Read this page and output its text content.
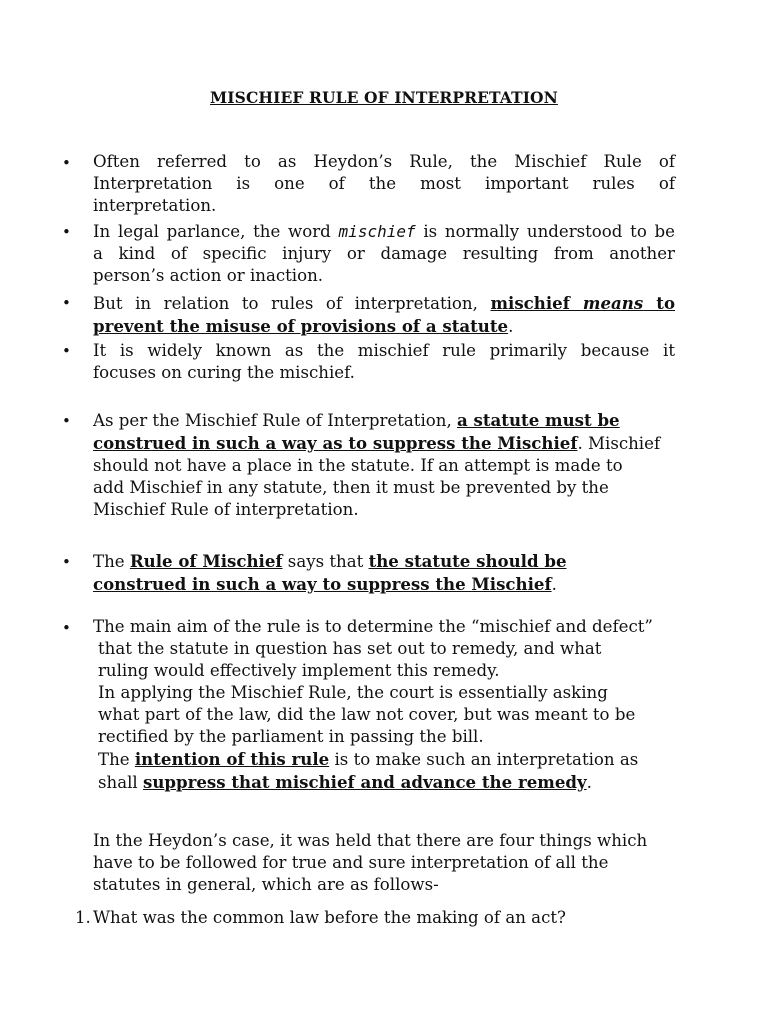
MISCHIEF RULE OF INTERPRETATION
• Often referred to as Heydon’s Rule, the Mischief Rule of
Interpretation is one of the most important rules of
interpretation.
• In legal parlance, the word mischief is normally understood to be
a kind of specific injury or damage resulting from another
person’s action or inaction.
• But in relation to rules of interpretation, mischief means to
prevent the misuse of provisions of a statute.
• It is widely known as the mischief rule primarily because it
focuses on curing the mischief.
• As per the Mischief Rule of Interpretation, a statute must be
construed in such a way as to suppress the Mischief. Mischief
should not have a place in the statute. If an attempt is made to
add Mischief in any statute, then it must be prevented by the
Mischief Rule of interpretation.
• The Rule of Mischief says that the statute should be
construed in such a way to suppress the Mischief.
• The main aim of the rule is to determine the “mischief and defect”
that the statute in question has set out to remedy, and what
ruling would effectively implement this remedy.
In applying the Mischief Rule, the court is essentially asking
what part of the law, did the law not cover, but was meant to be
rectified by the parliament in passing the bill.
The intention of this rule is to make such an interpretation as
shall suppress that mischief and advance the remedy.
In the Heydon’s case, it was held that there are four things which
have to be followed for true and sure interpretation of all the
statutes in general, which are as follows-
1. What was the common law before the making of an act?
